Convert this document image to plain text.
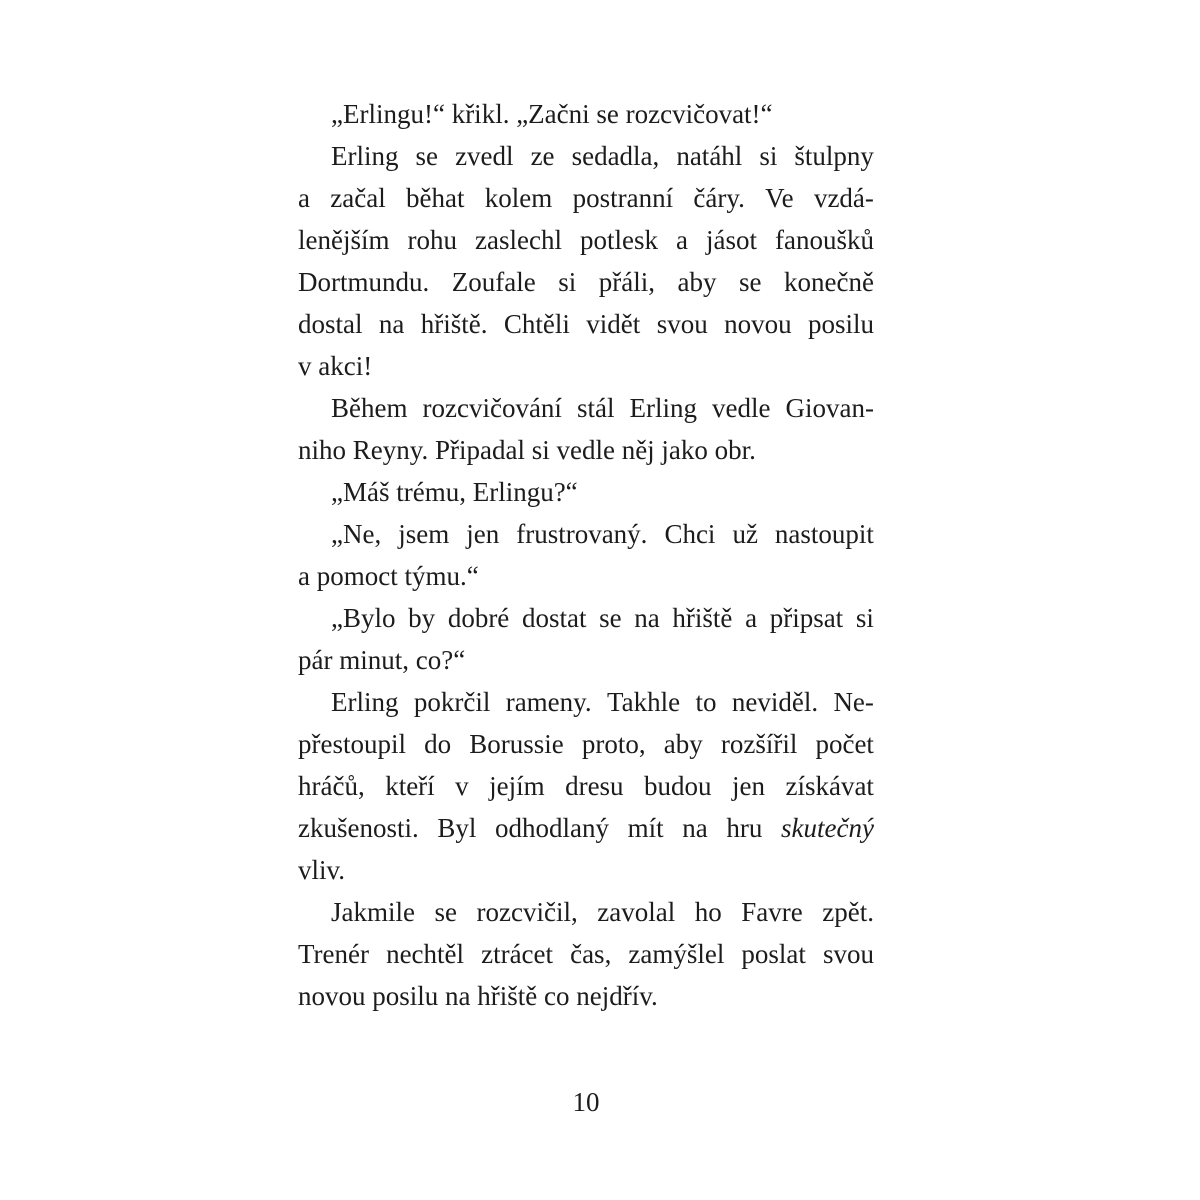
„Erlingu!“ křikl. „Začni se rozcvičovat!“
Erling se zvedl ze sedadla, natáhl si štulpny
a začal běhat kolem postranní čáry. Ve vzdá-
lenějším rohu zaslechl potlesk a jásot fanoušků
Dortmundu. Zoufale si přáli, aby se konečně
dostal na hřiště. Chtěli vidět svou novou posilu
v akci!
Během rozcvičování stál Erling vedle Giovan-
niho Reyny. Připadal si vedle něj jako obr.
„Máš trému, Erlingu?“
„Ne, jsem jen frustrovaný. Chci už nastoupit
a pomoct týmu.“
„Bylo by dobré dostat se na hřiště a připsat si
pár minut, co?“
Erling pokrčil rameny. Takhle to neviděl. Ne-
přestoupil do Borussie proto, aby rozšířil počet
hráčů, kteří v jejím dresu budou jen získávat
zkušenosti. Byl odhodlaný mít na hru skutečný
vliv.
Jakmile se rozcvičil, zavolal ho Favre zpět.
Trenér nechtěl ztrácet čas, zamýšlel poslat svou
novou posilu na hřiště co nejdřív.
10
